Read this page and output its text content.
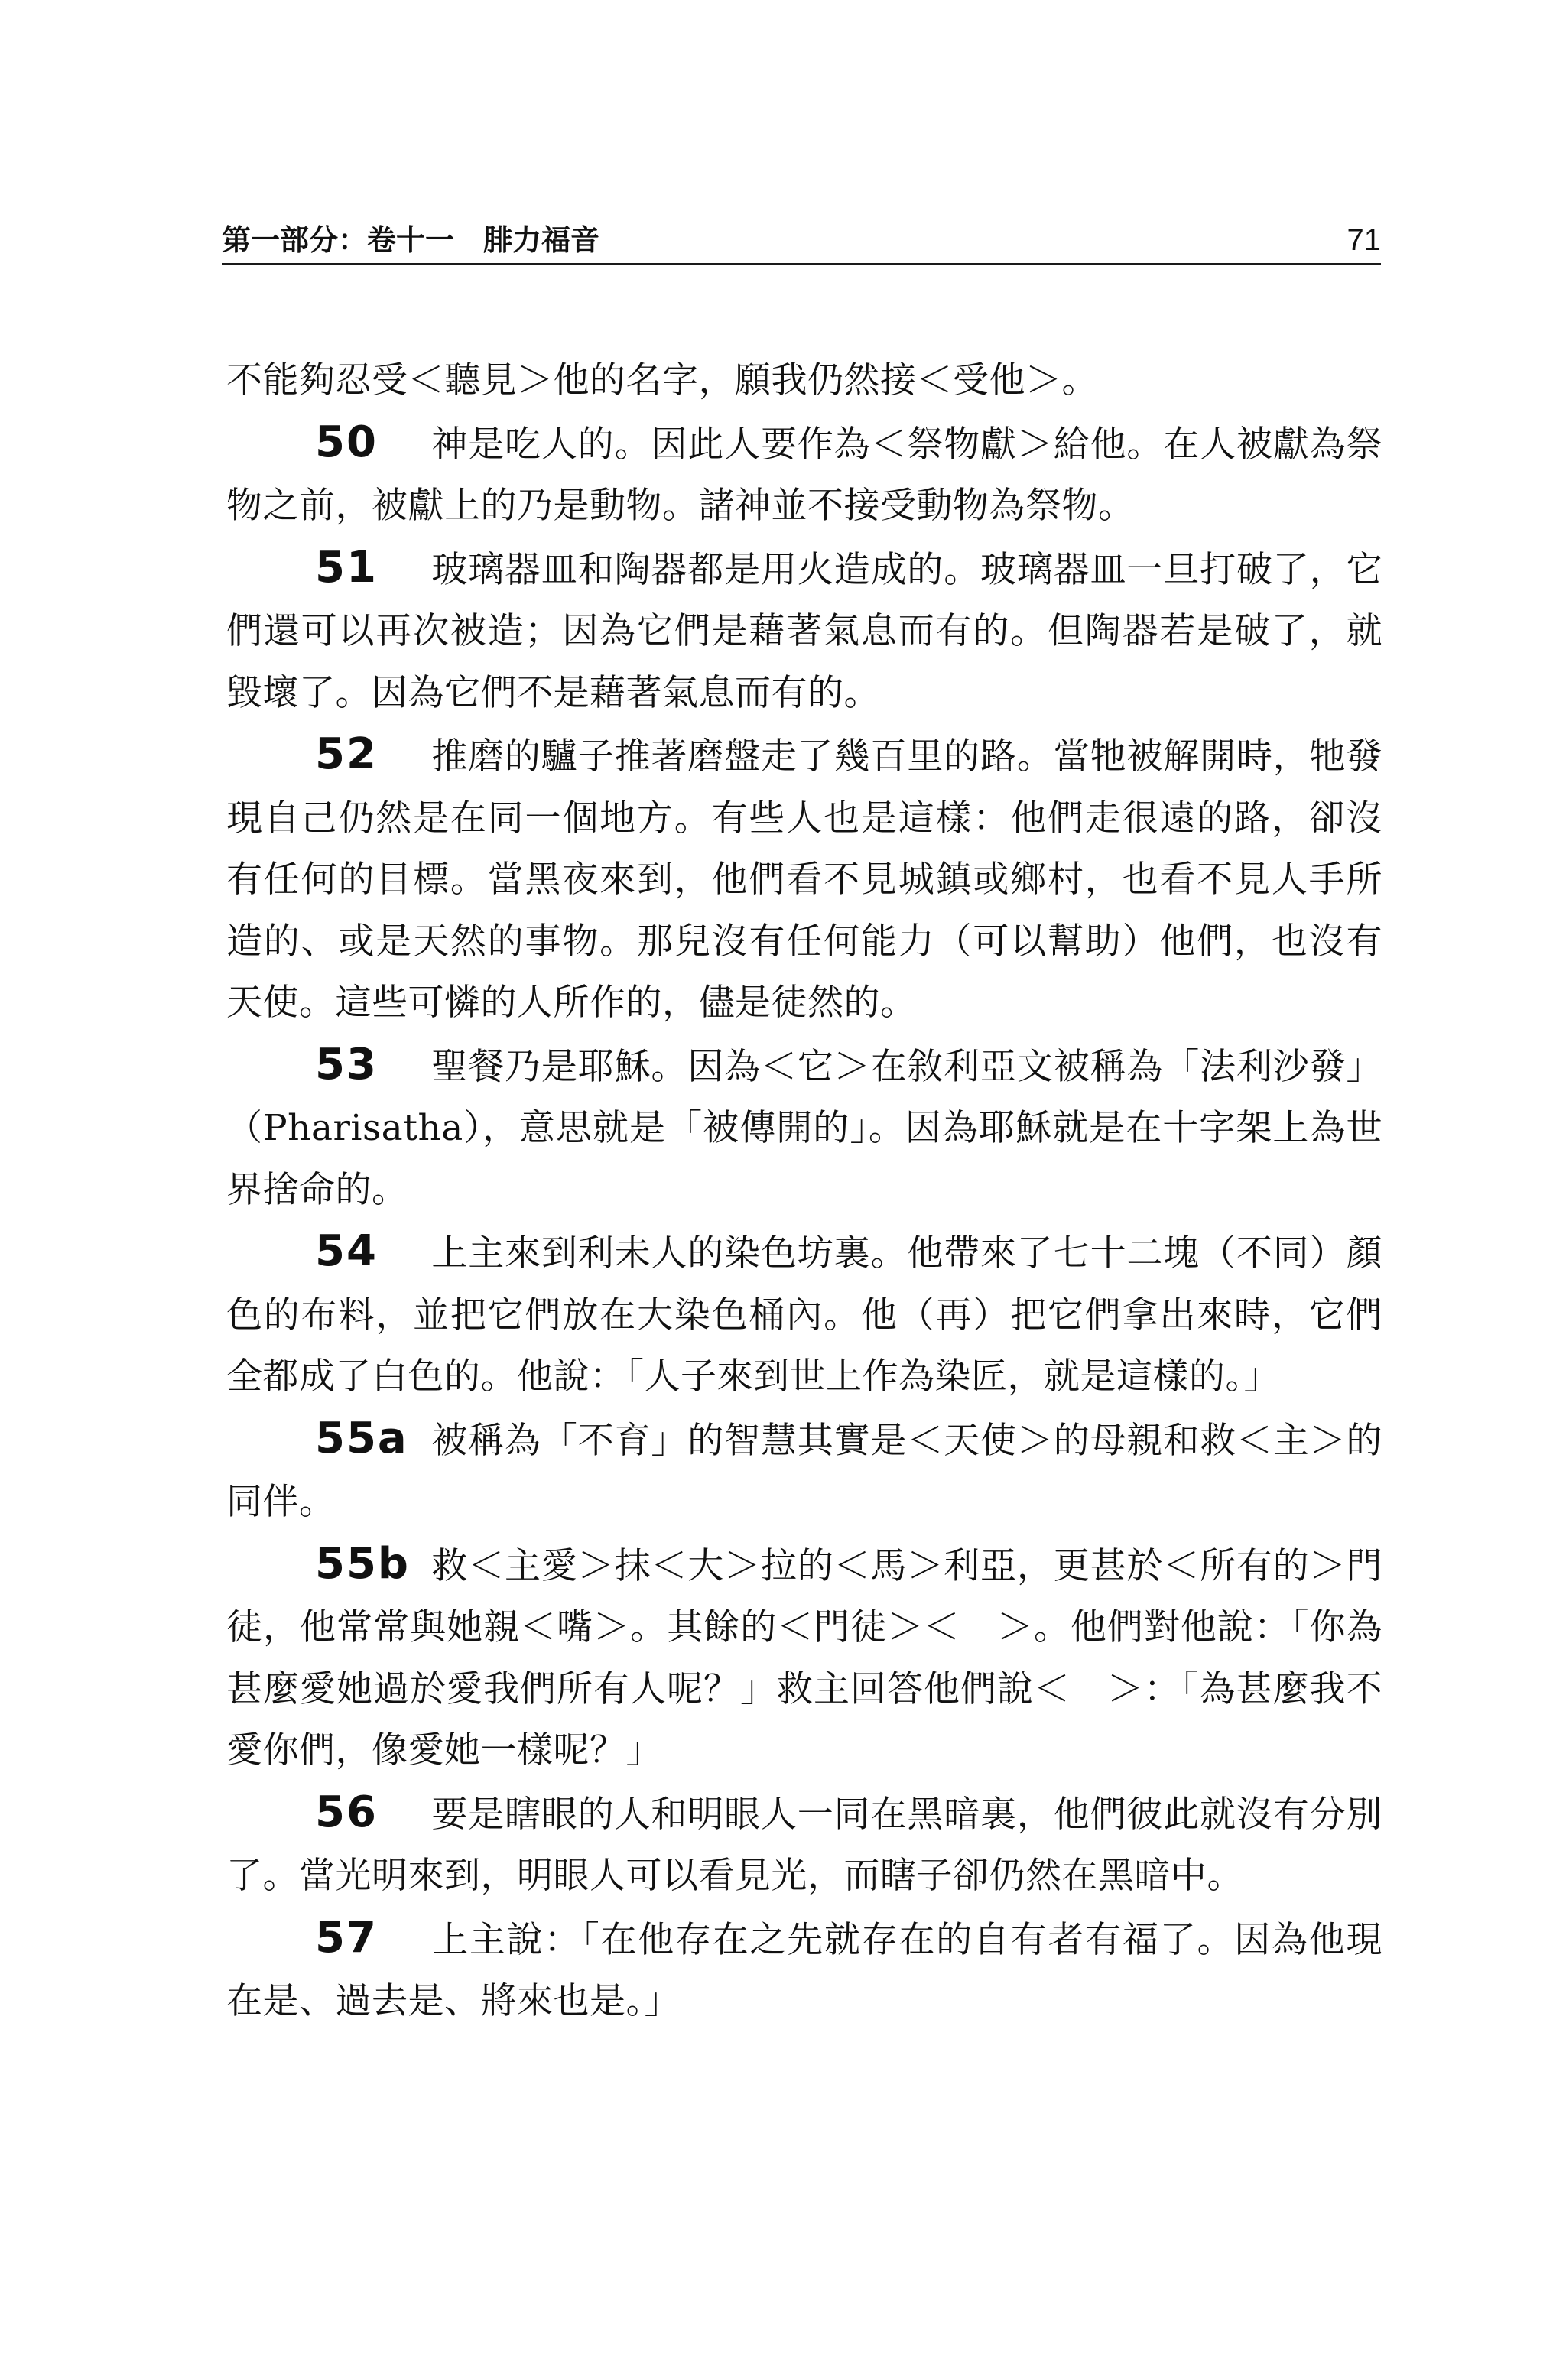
第一部分：卷十一　腓力福音	71

不能夠忍受＜聽見＞他的名字，願我仍然接＜受他＞。

50 神是吃人的。因此人要作為＜祭物獻＞給他。在人被獻為祭物之前，被獻上的乃是動物。諸神並不接受動物為祭物。

51 玻璃器皿和陶器都是用火造成的。玻璃器皿一旦打破了，它們還可以再次被造；因為它們是藉著氣息而有的。但陶器若是破了，就毀壞了。因為它們不是藉著氣息而有的。

52 推磨的驢子推著磨盤走了幾百里的路。當牠被解開時，牠發現自己仍然是在同一個地方。有些人也是這樣：他們走很遠的路，卻沒有任何的目標。當黑夜來到，他們看不見城鎮或鄉村，也看不見人手所造的、或是天然的事物。那兒沒有任何能力（可以幫助）他們，也沒有天使。這些可憐的人所作的，儘是徒然的。

53 聖餐乃是耶穌。因為＜它＞在敘利亞文被稱為「法利沙發」（Pharisatha），意思就是「被傳開的」。因為耶穌就是在十字架上為世界捨命的。

54 上主來到利未人的染色坊裏。他帶來了七十二塊（不同）顏色的布料，並把它們放在大染色桶內。他（再）把它們拿出來時，它們全都成了白色的。他說：「人子來到世上作為染匠，就是這樣的。」

55a 被稱為「不育」的智慧其實是＜天使＞的母親和救＜主＞的同伴。

55b 救＜主愛＞抹＜大＞拉的＜馬＞利亞，更甚於＜所有的＞門徒，他常常與她親＜嘴＞。其餘的＜門徒＞＜　＞。他們對他說：「你為甚麼愛她過於愛我們所有人呢？」救主回答他們說＜　＞：「為甚麼我不愛你們，像愛她一樣呢？」

56 要是瞎眼的人和明眼人一同在黑暗裏，他們彼此就沒有分別了。當光明來到，明眼人可以看見光，而瞎子卻仍然在黑暗中。

57 上主說：「在他存在之先就存在的自有者有福了。因為他現在是、過去是、將來也是。」
